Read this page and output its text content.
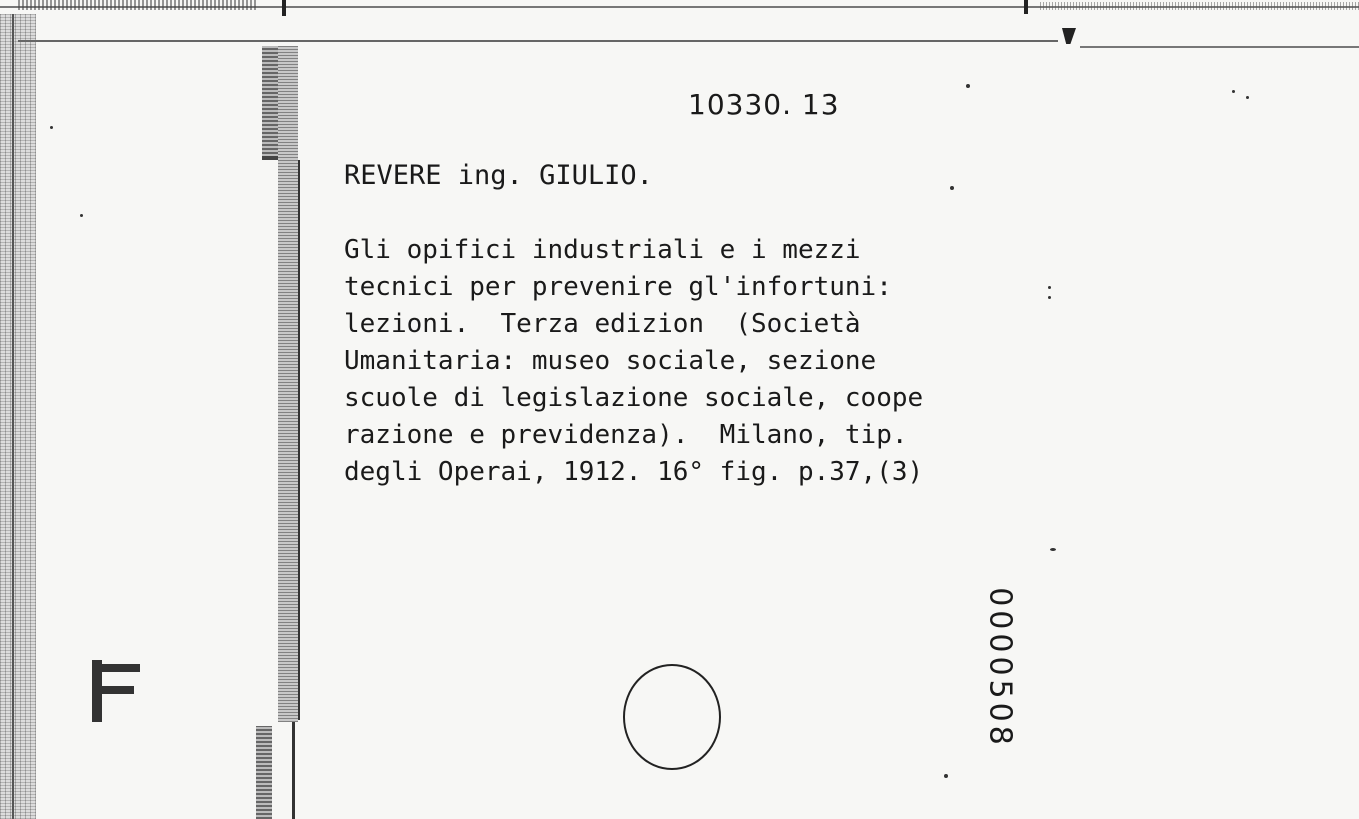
10330. 13

REVERE ing. GIULIO.

Gli opifici industriali e i mezzi

tecnici per prevenire gl'infortuni:

lezioni.  Terza edizion  (Società

Umanitaria: museo sociale, sezione

scuole di legislazione sociale, coope

razione e previdenza).  Milano, tip.

degli Operai, 1912. 16° fig. p.37,(3)

0000508
